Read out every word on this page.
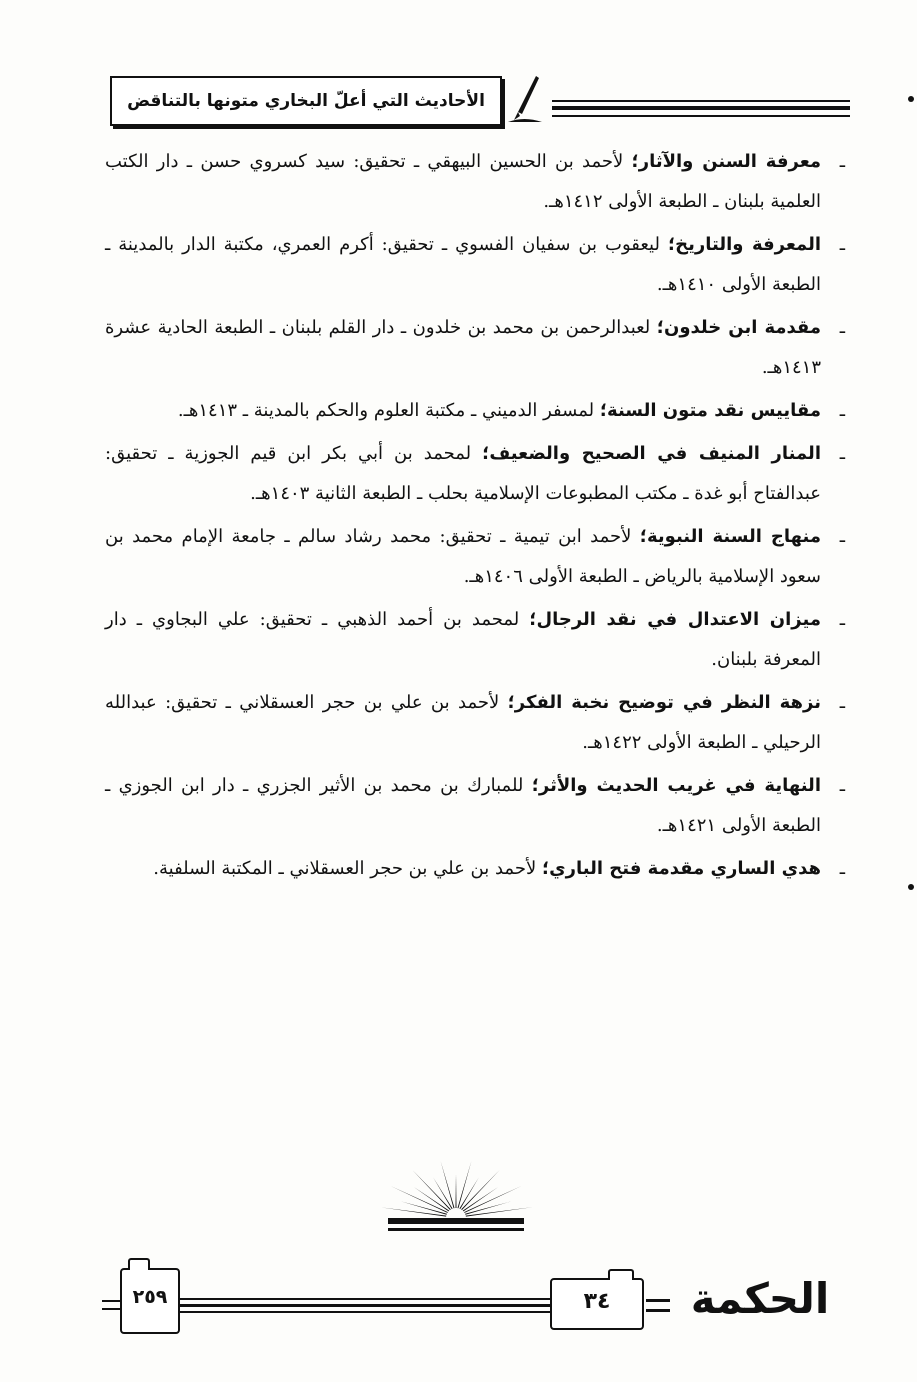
الأحاديث التي أعلّ البخاري متونها بالتناقض
ـ
معرفة السنن والآثار؛ لأحمد بن الحسين البيهقي ـ تحقيق: سيد كسروي حسن ـ دار الكتب العلمية بلبنان ـ الطبعة الأولى ١٤١٢هـ.
ـ
المعرفة والتاريخ؛ ليعقوب بن سفيان الفسوي ـ تحقيق: أكرم العمري، مكتبة الدار بالمدينة ـ الطبعة الأولى ١٤١٠هـ.
ـ
مقدمة ابن خلدون؛ لعبدالرحمن بن محمد بن خلدون ـ دار القلم بلبنان ـ الطبعة الحادية عشرة ١٤١٣هـ.
ـ
مقاييس نقد متون السنة؛ لمسفر الدميني ـ مكتبة العلوم والحكم بالمدينة ـ ١٤١٣هـ.
ـ
المنار المنيف في الصحيح والضعيف؛ لمحمد بن أبي بكر ابن قيم الجوزية ـ تحقيق: عبدالفتاح أبو غدة ـ مكتب المطبوعات الإسلامية بحلب ـ الطبعة الثانية ١٤٠٣هـ.
ـ
منهاج السنة النبوية؛ لأحمد ابن تيمية ـ تحقيق: محمد رشاد سالم ـ جامعة الإمام محمد بن سعود الإسلامية بالرياض ـ الطبعة الأولى ١٤٠٦هـ.
ـ
ميزان الاعتدال في نقد الرجال؛ لمحمد بن أحمد الذهبي ـ تحقيق: علي البجاوي ـ دار المعرفة بلبنان.
ـ
نزهة النظر في توضيح نخبة الفكر؛ لأحمد بن علي بن حجر العسقلاني ـ تحقيق: عبدالله الرحيلي ـ الطبعة الأولى ١٤٢٢هـ.
ـ
النهاية في غريب الحديث والأثر؛ للمبارك بن محمد بن الأثير الجزري ـ دار ابن الجوزي ـ الطبعة الأولى ١٤٢١هـ.
ـ
هدي الساري مقدمة فتح الباري؛ لأحمد بن علي بن حجر العسقلاني ـ المكتبة السلفية.
٢٥٩	٣٤	الحكمة
